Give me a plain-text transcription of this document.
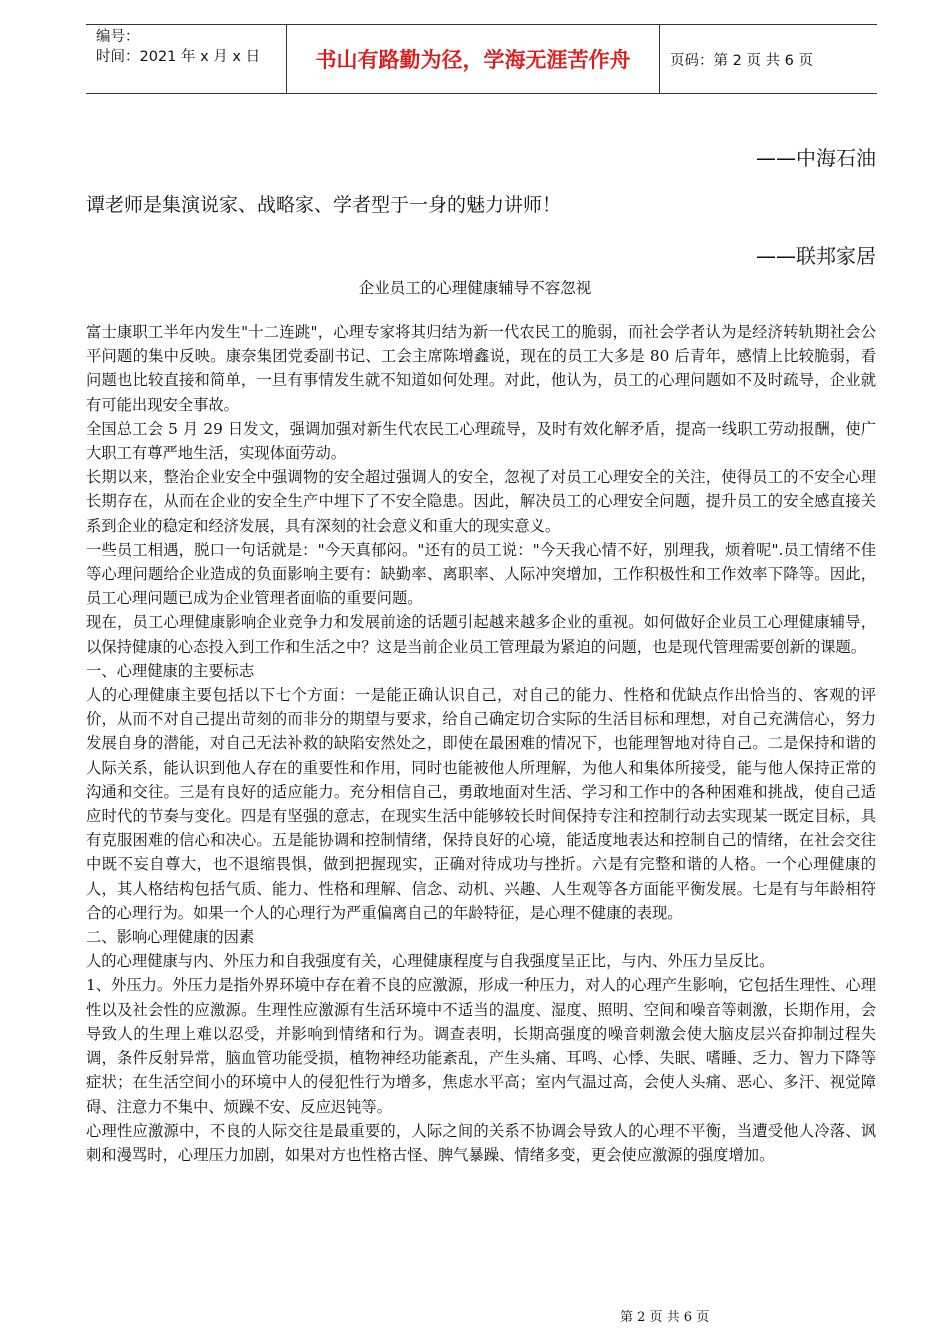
编号：
时间：2021 年 x 月 x 日	书山有路勤为径，学海无涯苦作舟	页码：第 2 页 共 6 页
——中海石油
谭老师是集演说家、战略家、学者型于一身的魅力讲师！
——联邦家居
企业员工的心理健康辅导不容忽视

富士康职工半年内发生"十二连跳"，心理专家将其归结为新一代农民工的脆弱，而社会学者认为是经济转轨期社会公平问题的集中反映。康奈集团党委副书记、工会主席陈增鑫说，现在的员工大多是 80 后青年，感情上比较脆弱，看问题也比较直接和简单，一旦有事情发生就不知道如何处理。对此，他认为，员工的心理问题如不及时疏导，企业就有可能出现安全事故。

全国总工会 5 月 29 日发文，强调加强对新生代农民工心理疏导，及时有效化解矛盾，提高一线职工劳动报酬，使广大职工有尊严地生活，实现体面劳动。

长期以来，整治企业安全中强调物的安全超过强调人的安全，忽视了对员工心理安全的关注，使得员工的不安全心理长期存在，从而在企业的安全生产中埋下了不安全隐患。因此，解决员工的心理安全问题，提升员工的安全感直接关系到企业的稳定和经济发展，具有深刻的社会意义和重大的现实意义。

一些员工相遇，脱口一句话就是："今天真郁闷。"还有的员工说："今天我心情不好，别理我，烦着呢".员工情绪不佳等心理问题给企业造成的负面影响主要有：缺勤率、离职率、人际冲突增加，工作积极性和工作效率下降等。因此，员工心理问题已成为企业管理者面临的重要问题。

现在，员工心理健康影响企业竞争力和发展前途的话题引起越来越多企业的重视。如何做好企业员工心理健康辅导，以保持健康的心态投入到工作和生活之中？这是当前企业员工管理最为紧迫的问题，也是现代管理需要创新的课题。

一、心理健康的主要标志

人的心理健康主要包括以下七个方面：一是能正确认识自己，对自己的能力、性格和优缺点作出恰当的、客观的评价，从而不对自己提出苛刻的而非分的期望与要求，给自己确定切合实际的生活目标和理想，对自己充满信心，努力发展自身的潜能，对自己无法补救的缺陷安然处之，即使在最困难的情况下，也能理智地对待自己。二是保持和谐的人际关系，能认识到他人存在的重要性和作用，同时也能被他人所理解，为他人和集体所接受，能与他人保持正常的沟通和交往。三是有良好的适应能力。充分相信自己，勇敢地面对生活、学习和工作中的各种困难和挑战，使自己适应时代的节奏与变化。四是有坚强的意志，在现实生活中能够较长时间保持专注和控制行动去实现某一既定目标，具有克服困难的信心和决心。五是能协调和控制情绪，保持良好的心境，能适度地表达和控制自己的情绪，在社会交往中既不妄自尊大，也不退缩畏惧，做到把握现实，正确对待成功与挫折。六是有完整和谐的人格。一个心理健康的人，其人格结构包括气质、能力、性格和理解、信念、动机、兴趣、人生观等各方面能平衡发展。七是有与年龄相符合的心理行为。如果一个人的心理行为严重偏离自己的年龄特征，是心理不健康的表现。

二、影响心理健康的因素

人的心理健康与内、外压力和自我强度有关，心理健康程度与自我强度呈正比，与内、外压力呈反比。

1、外压力。外压力是指外界环境中存在着不良的应激源，形成一种压力，对人的心理产生影响，它包括生理性、心理性以及社会性的应激源。生理性应激源有生活环境中不适当的温度、湿度、照明、空间和噪音等刺激，长期作用，会导致人的生理上难以忍受，并影响到情绪和行为。调查表明，长期高强度的噪音刺激会使大脑皮层兴奋抑制过程失调，条件反射异常，脑血管功能受损，植物神经功能紊乱，产生头痛、耳鸣、心悸、失眠、嗜睡、乏力、智力下降等症状；在生活空间小的环境中人的侵犯性行为增多，焦虑水平高；室内气温过高，会使人头痛、恶心、多汗、视觉障碍、注意力不集中、烦躁不安、反应迟钝等。

心理性应激源中，不良的人际交往是最重要的，人际之间的关系不协调会导致人的心理不平衡，当遭受他人冷落、讽刺和漫骂时，心理压力加剧，如果对方也性格古怪、脾气暴躁、情绪多变，更会使应激源的强度增加。

第 2 页 共 6 页
